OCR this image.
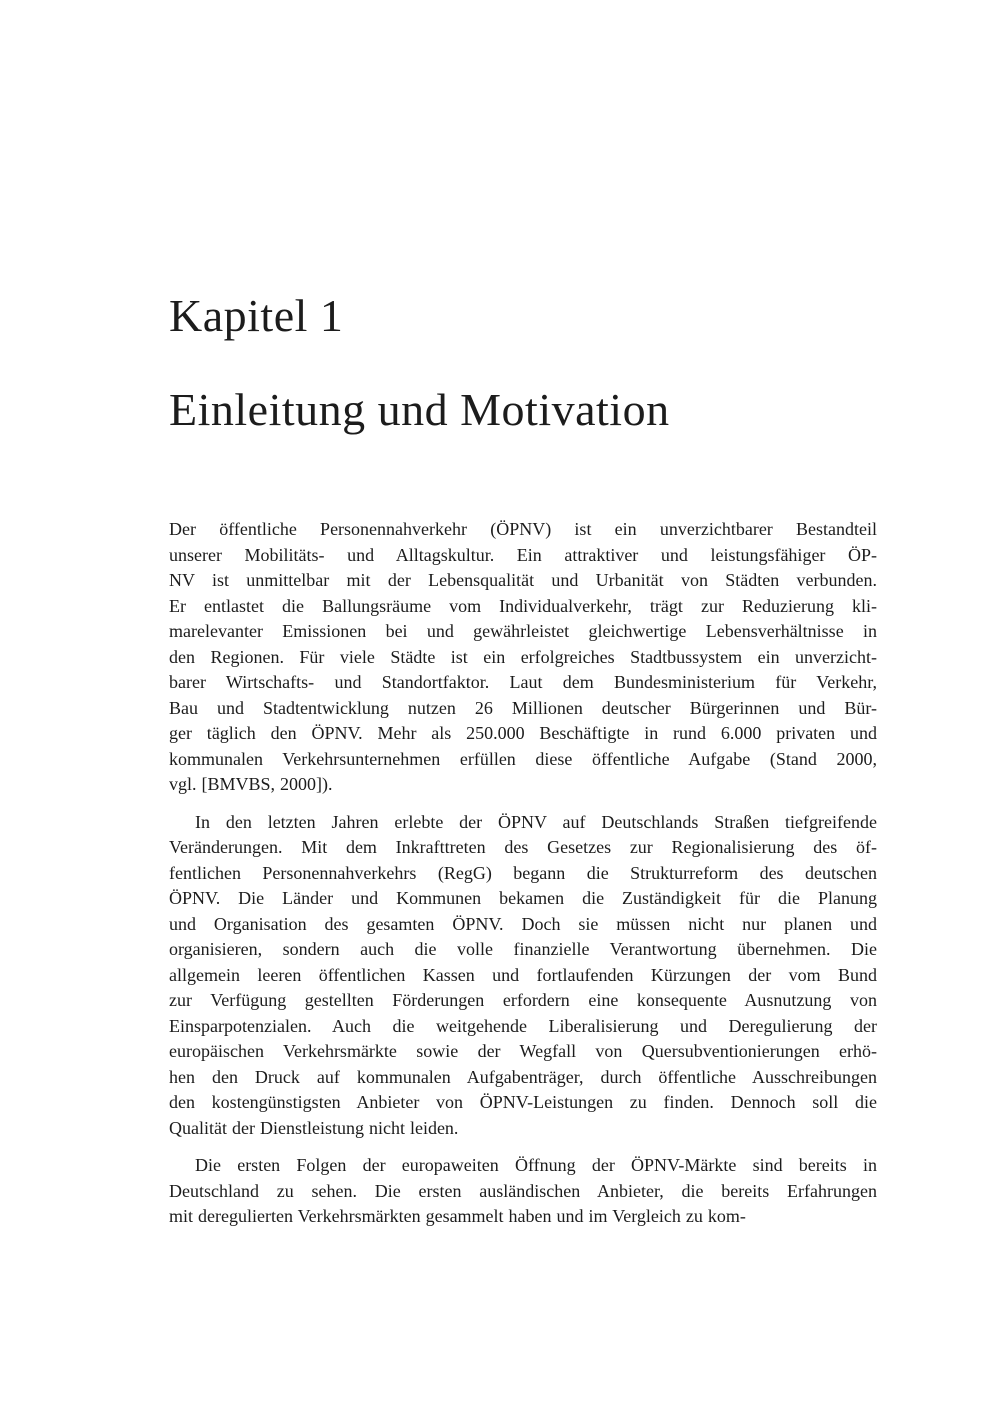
Kapitel 1
Einleitung und Motivation
Der öffentliche Personennahverkehr (ÖPNV) ist ein unverzichtbarer Bestandteil
unserer Mobilitäts- und Alltagskultur. Ein attraktiver und leistungsfähiger ÖP-
NV ist unmittelbar mit der Lebensqualität und Urbanität von Städten verbunden.
Er entlastet die Ballungsräume vom Individualverkehr, trägt zur Reduzierung kli-
marelevanter Emissionen bei und gewährleistet gleichwertige Lebensverhältnisse in
den Regionen. Für viele Städte ist ein erfolgreiches Stadtbussystem ein unverzicht-
barer Wirtschafts- und Standortfaktor. Laut dem Bundesministerium für Verkehr,
Bau und Stadtentwicklung nutzen 26 Millionen deutscher Bürgerinnen und Bür-
ger täglich den ÖPNV. Mehr als 250.000 Beschäftigte in rund 6.000 privaten und
kommunalen Verkehrsunternehmen erfüllen diese öffentliche Aufgabe (Stand 2000,
vgl. [BMVBS, 2000]).
In den letzten Jahren erlebte der ÖPNV auf Deutschlands Straßen tiefgreifende
Veränderungen. Mit dem Inkrafttreten des Gesetzes zur Regionalisierung des öf-
fentlichen Personennahverkehrs (RegG) begann die Strukturreform des deutschen
ÖPNV. Die Länder und Kommunen bekamen die Zuständigkeit für die Planung
und Organisation des gesamten ÖPNV. Doch sie müssen nicht nur planen und
organisieren, sondern auch die volle finanzielle Verantwortung übernehmen. Die
allgemein leeren öffentlichen Kassen und fortlaufenden Kürzungen der vom Bund
zur Verfügung gestellten Förderungen erfordern eine konsequente Ausnutzung von
Einsparpotenzialen. Auch die weitgehende Liberalisierung und Deregulierung der
europäischen Verkehrsmärkte sowie der Wegfall von Quersubventionierungen erhö-
hen den Druck auf kommunalen Aufgabenträger, durch öffentliche Ausschreibungen
den kostengünstigsten Anbieter von ÖPNV-Leistungen zu finden. Dennoch soll die
Qualität der Dienstleistung nicht leiden.
Die ersten Folgen der europaweiten Öffnung der ÖPNV-Märkte sind bereits in
Deutschland zu sehen. Die ersten ausländischen Anbieter, die bereits Erfahrungen
mit deregulierten Verkehrsmärkten gesammelt haben und im Vergleich zu kom-
